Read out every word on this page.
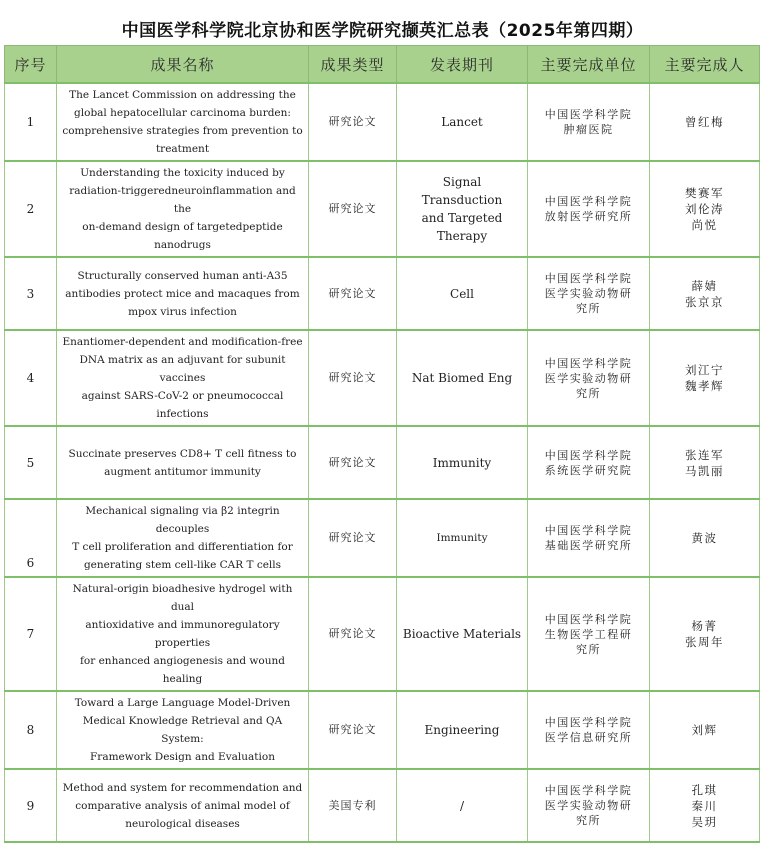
中国医学科学院北京协和医学院研究撷英汇总表（2025年第四期）
序号	成果名称	成果类型	发表期刊	主要完成单位	主要完成人
1	The Lancet Commission on addressing the
global hepatocellular carcinoma burden:
comprehensive strategies from prevention to
treatment	研究论文	Lancet	中国医学科学院
肿瘤医院	曾红梅

2	Understanding the toxicity induced by
radiation-triggeredneuroinflammation and the
on-demand design of targetedpeptide nanodrugs	研究论文	Signal Transduction
and Targeted
Therapy	中国医学科学院
放射医学研究所	樊赛军
刘伦涛
尚悦

3	Structurally conserved human anti-A35
antibodies protect mice and macaques from
mpox virus infection	研究论文	Cell	中国医学科学院
医学实验动物研
究所	薛婧
张京京

4	Enantiomer-dependent and modification-free
DNA matrix as an adjuvant for subunit vaccines
against SARS-CoV-2 or pneumococcal
infections	研究论文	Nat Biomed Eng	中国医学科学院
医学实验动物研
究所	刘江宁
魏孝辉

5	Succinate preserves CD8+ T cell fitness to
augment antitumor immunity	研究论文	Immunity	中国医学科学院
系统医学研究院	张连军
马凯丽

6	Mechanical signaling via β2 integrin decouples
T cell proliferation and differentiation for
generating stem cell-like CAR T cells	研究论文	Immunity	中国医学科学院
基础医学研究所	黄波

7	Natural-origin bioadhesive hydrogel with dual
antioxidative and immunoregulatory properties
for enhanced angiogenesis and wound healing	研究论文	Bioactive Materials	中国医学科学院
生物医学工程研
究所	杨菁
张周年

8	Toward a Large Language Model-Driven
Medical Knowledge Retrieval and QA System:
Framework Design and Evaluation	研究论文	Engineering	中国医学科学院
医学信息研究所	刘辉

9	Method and system for recommendation and
comparative analysis of animal model of
neurological diseases	美国专利	/	中国医学科学院
医学实验动物研
究所	孔琪
秦川
吴玥
